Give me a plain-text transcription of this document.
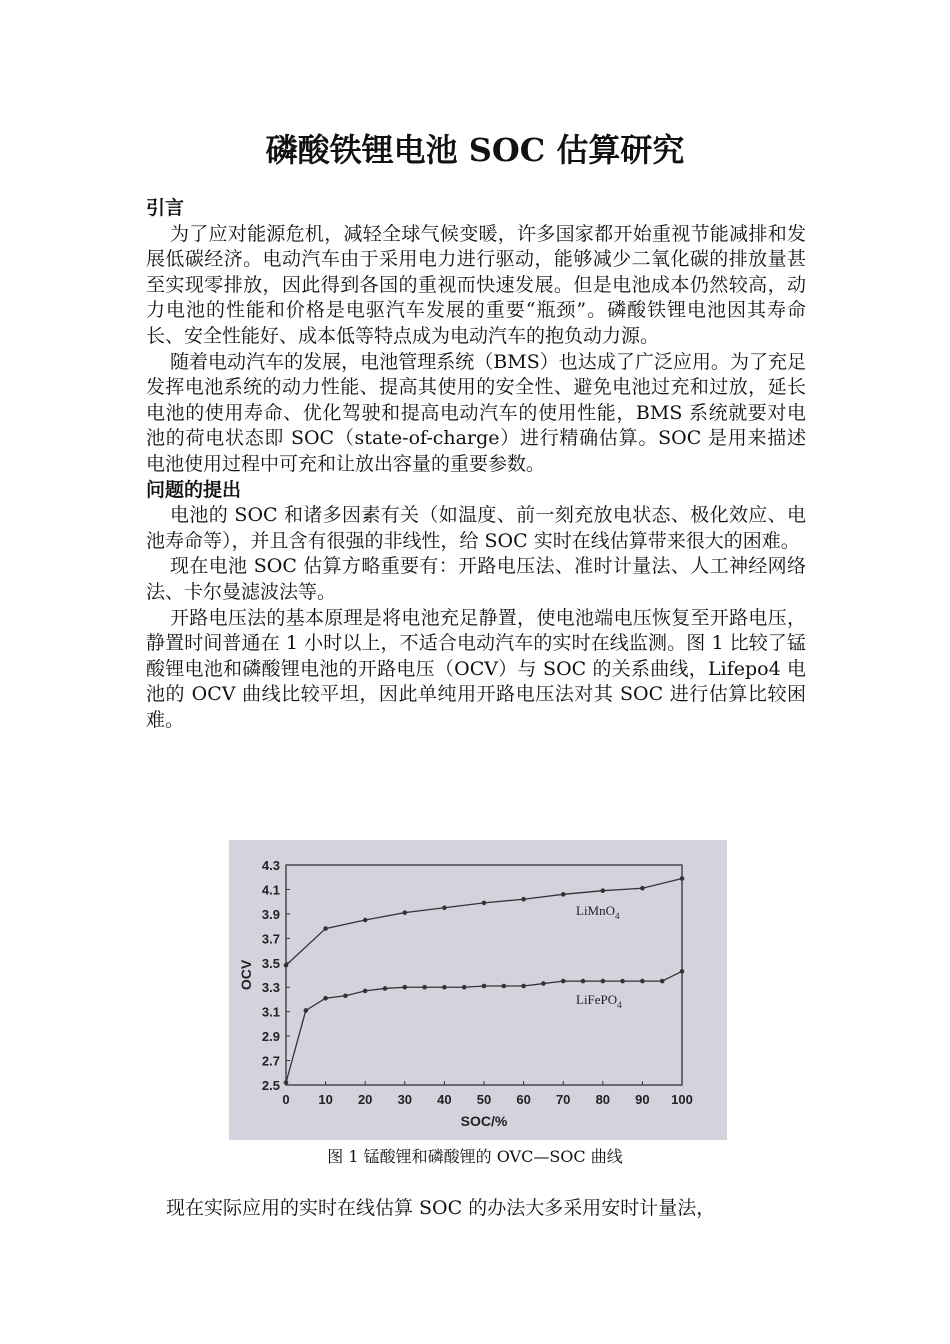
磷酸铁锂电池 SOC 估算研究

引言

为了应对能源危机，减轻全球气候变暖，许多国家都开始重视节能减排和发展低碳经济。电动汽车由于采用电力进行驱动，能够减少二氧化碳的排放量甚至实现零排放，因此得到各国的重视而快速发展。但是电池成本仍然较高，动力电池的性能和价格是电驱汽车发展的重要“瓶颈”。磷酸铁锂电池因其寿命长、安全性能好、成本低等特点成为电动汽车的抱负动力源。

随着电动汽车的发展，电池管理系统（BMS）也达成了广泛应用。为了充足发挥电池系统的动力性能、提高其使用的安全性、避免电池过充和过放，延长电池的使用寿命、优化驾驶和提高电动汽车的使用性能，BMS 系统就要对电池的荷电状态即 SOC（state-of-charge）进行精确估算。SOC 是用来描述电池使用过程中可充和让放出容量的重要参数。

问题的提出

电池的 SOC 和诸多因素有关（如温度、前一刻充放电状态、极化效应、电池寿命等），并且含有很强的非线性，给 SOC 实时在线估算带来很大的困难。

现在电池 SOC 估算方略重要有：开路电压法、准时计量法、人工神经网络法、卡尔曼滤波法等。

开路电压法的基本原理是将电池充足静置，使电池端电压恢复至开路电压，静置时间普通在 1 小时以上，不适合电动汽车的实时在线监测。图 1 比较了锰酸锂电池和磷酸锂电池的开路电压（OCV）与 SOC 的关系曲线，Lifepo4 电池的 OCV 曲线比较平坦，因此单纯用开路电压法对其 SOC 进行估算比较困难。

0 10 20 30 40 50 60 70 80 90 100
2.5
2.7
2.9
3.1
3.3
3.5
3.7
3.9
4.1
4.3
SOC/%
OCV
LiMnO$_4$
LiFePO$_4$
图 1 锰酸锂和磷酸锂的 OVC—SOC 曲线

现在实际应用的实时在线估算 SOC 的办法大多采用安时计量法，
